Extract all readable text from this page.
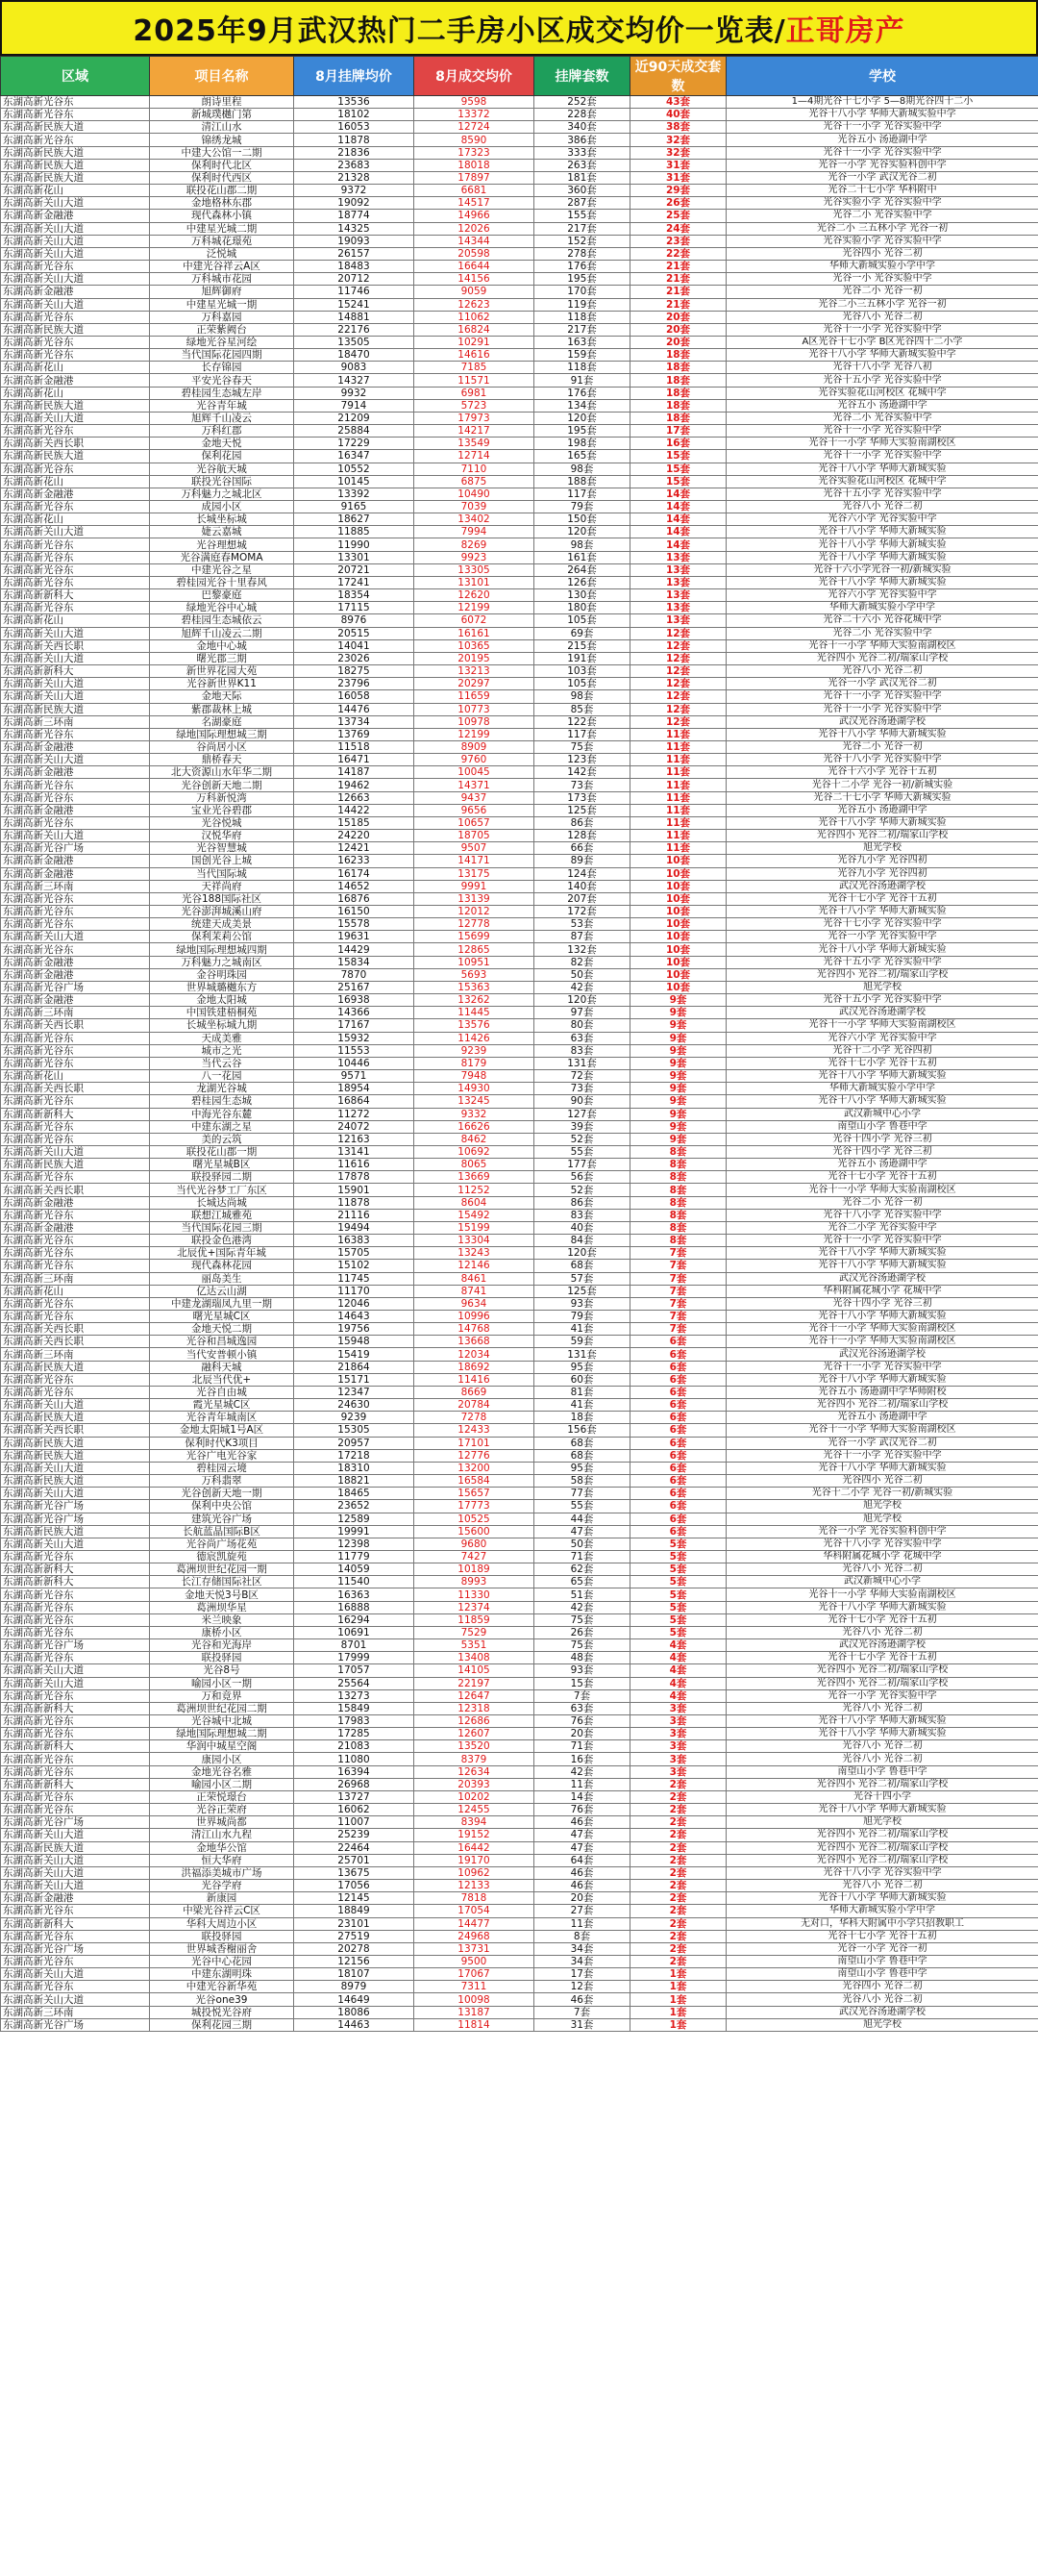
2025年9月武汉热门二手房小区成交均价一览表/ 正哥房产
区域	项目名称	8月挂牌均价	8月成交均价	挂牌套数	近90天成交套数	学校
东湖高新光谷东	朗诗里程	13536	9598	252套	43套	1—4期光谷十七小学 5—8期光谷四十二小
东湖高新光谷东	新城璞樾门第	18102	13372	228套	40套	光谷十八小学 华师大新城实验中学
东湖高新民族大道	清江山水	16053	12724	340套	38套	光谷十一小学 光谷实验中学
东湖高新光谷东	锦绣龙城	11878	8590	386套	32套	光谷五小 汤逊湖中学
东湖高新民族大道	中建大公馆一二期	21836	17323	333套	32套	光谷十一小学 光谷实验中学
东湖高新民族大道	保利时代北区	23683	18018	263套	31套	光谷一小学 光谷实验科创中学
东湖高新民族大道	保利时代西区	21328	17897	181套	31套	光谷一小学 武汉光谷二初
东湖高新花山	联投花山郡二期	9372	6681	360套	29套	光谷二十七小学 华科附中
东湖高新关山大道	金地格林东郡	19092	14517	287套	26套	光谷实验小学 光谷实验中学
东湖高新金融港	现代森林小镇	18774	14966	155套	25套	光谷二小 光谷实验中学
东湖高新关山大道	中建星光城二期	14325	12026	217套	24套	光谷二小 三五林小学 光谷一初
东湖高新关山大道	万科城花璟苑	19093	14344	152套	23套	光谷实验小学 光谷实验中学
东湖高新关山大道	泛悦城	26157	20598	278套	22套	光谷四小 光谷二初
东湖高新光谷东	中建光谷祥云A区	18483	16644	176套	21套	华师大新城实验小学中学
东湖高新关山大道	万科城市花园	20712	14156	195套	21套	光谷一小 光谷实验中学
东湖高新金融港	旭辉御府	11746	9059	170套	21套	光谷二小 光谷一初
东湖高新关山大道	中建星光城一期	15241	12623	119套	21套	光谷二小三五林小学 光谷一初
东湖高新光谷东	万科嘉园	14881	11062	118套	20套	光谷八小 光谷二初
东湖高新民族大道	正荣紫阙台	22176	16824	217套	20套	光谷十一小学 光谷实验中学
东湖高新光谷东	绿地光谷星河绘	13505	10291	163套	20套	A区光谷十七小学 B区光谷四十二小学
东湖高新光谷东	当代国际花园四期	18470	14616	159套	18套	光谷十八小学 华师大新城实验中学
东湖高新花山	长存锦园	9083	7185	118套	18套	光谷十八小学 光谷八初
东湖高新金融港	平安光谷春天	14327	11571	91套	18套	光谷十五小学 光谷实验中学
东湖高新花山	碧桂园生态城左岸	9932	6981	176套	18套	光谷实验花山河校区 花城中学
东湖高新民族大道	光谷青年城	7914	5723	134套	18套	光谷五小 汤逊湖中学
东湖高新关山大道	旭辉千山凌云	21209	17973	120套	18套	光谷二小 光谷实验中学
东湖高新光谷东	万科红郡	25884	14217	195套	17套	光谷十一小学 光谷实验中学
东湖高新关西长职	金地天悦	17229	13549	198套	16套	光谷十一小学 华师大实验南湖校区
东湖高新民族大道	保利花园	16347	12714	165套	15套	光谷十一小学 光谷实验中学
东湖高新光谷东	光谷航天城	10552	7110	98套	15套	光谷十八小学 华师大新城实验
东湖高新花山	联投光谷国际	10145	6875	188套	15套	光谷实验花山河校区 花城中学
东湖高新金融港	万科魅力之城北区	13392	10490	117套	14套	光谷十五小学 光谷实验中学
东湖高新光谷东	成园小区	9165	7039	79套	14套	光谷八小 光谷二初
东湖高新花山	长城坐标城	18627	13402	150套	14套	光谷六小学 光谷实验中学
东湖高新关山大道	婕云嘉城	11885	7994	120套	14套	光谷十八小学 华师大新城实验
东湖高新光谷东	光谷理想城	11990	8269	98套	14套	光谷十八小学 华师大新城实验
东湖高新光谷东	光谷满庭春MOMA	13301	9923	161套	13套	光谷十八小学 华师大新城实验
东湖高新光谷东	中建光谷之星	20721	13305	264套	13套	光谷十六小学光谷一初/新城实验
东湖高新光谷东	碧桂园光谷十里春风	17241	13101	126套	13套	光谷十八小学 华师大新城实验
东湖高新新科大	巴黎豪庭	18354	12620	130套	13套	光谷六小学 光谷实验中学
东湖高新光谷东	绿地光谷中心城	17115	12199	180套	13套	华师大新城实验小学中学
东湖高新花山	碧桂园生态城依云	8976	6072	105套	13套	光谷二十六小 光谷花城中学
东湖高新关山大道	旭辉千山凌云二期	20515	16161	69套	12套	光谷二小 光谷实验中学
东湖高新关西长职	金地中心城	14041	10365	215套	12套	光谷十一小学 华师大实验南湖校区
东湖高新关山大道	曙光郡三期	23026	20195	191套	12套	光谷四小 光谷二初/瑞家山学校
东湖高新新科大	新世界花园大苑	18275	13213	103套	12套	光谷八小 光谷二初
东湖高新关山大道	光谷新世界K11	23796	20297	105套	12套	光谷一小学 武汉光谷二初
东湖高新关山大道	金地天际	16058	11659	98套	12套	光谷十一小学 光谷实验中学
东湖高新民族大道	紫郡裁林上城	14476	10773	85套	12套	光谷十一小学 光谷实验中学
东湖高新三环南	名湖豪庭	13734	10978	122套	12套	武汉光谷汤逊湖学校
东湖高新光谷东	绿地国际理想城三期	13769	12199	117套	11套	光谷十八小学 华师大新城实验
东湖高新金融港	谷尚居小区	11518	8909	75套	11套	光谷二小 光谷一初
东湖高新关山大道	鼎桥春天	16471	9760	123套	11套	光谷十八小学 光谷实验中学
东湖高新金融港	北大资源山水年华二期	14187	10045	142套	11套	光谷十六小学 光谷十五初
东湖高新光谷东	光谷创新天地二期	19462	14371	73套	11套	光谷十二小学 光谷一初/新城实验
东湖高新光谷东	万科新悦湾	12663	9437	173套	11套	光谷二十七小学 华师大新城实验
东湖高新金融港	宝业光谷碧郡	14422	9656	125套	11套	光谷五小 汤逊湖中学
东湖高新光谷东	光谷悦城	15185	10657	86套	11套	光谷十八小学 华师大新城实验
东湖高新关山大道	汉悦华府	24220	18705	128套	11套	光谷四小 光谷二初/瑞家山学校
东湖高新光谷广场	光谷智慧城	12421	9507	66套	11套	旭光学校
东湖高新金融港	国创光谷上城	16233	14171	89套	10套	光谷九小学 光谷四初
东湖高新金融港	当代国际城	16174	13175	124套	10套	光谷九小学 光谷四初
东湖高新三环南	天祥尚府	14652	9991	140套	10套	武汉光谷汤逊湖学校
东湖高新光谷东	光谷188国际社区	16876	13139	207套	10套	光谷十七小学 光谷十五初
东湖高新光谷东	光谷澎湃城溪山府	16150	12012	172套	10套	光谷十八小学 华师大新城实验
东湖高新光谷东	统建天成美景	15578	12778	53套	10套	光谷十七小学 光谷实验中学
东湖高新关山大道	保利茉莉公馆	19631	15699	87套	10套	光谷一小学 光谷实验中学
东湖高新光谷东	绿地国际理想城四期	14429	12865	132套	10套	光谷十八小学 华师大新城实验
东湖高新金融港	万科魅力之城南区	15834	10951	82套	10套	光谷十五小学 光谷实验中学
东湖高新金融港	金谷明珠园	7870	5693	50套	10套	光谷四小 光谷二初/瑞家山学校
东湖高新光谷广场	世界城璐樾东方	25167	15363	42套	10套	旭光学校
东湖高新金融港	金地太阳城	16938	13262	120套	9套	光谷十五小学 光谷实验中学
东湖高新三环南	中国铁建梧桐苑	14366	11445	97套	9套	武汉光谷汤逊湖学校
东湖高新关西长职	长城坐标城九期	17167	13576	80套	9套	光谷十一小学 华师大实验南湖校区
东湖高新光谷东	天成美雅	15932	11426	63套	9套	光谷六小学 光谷实验中学
东湖高新光谷东	城市之光	11553	9239	83套	9套	光谷十二小学 光谷四初
东湖高新光谷东	当代云谷	10446	8179	131套	9套	光谷十七小学 光谷十五初
东湖高新花山	八一花园	9571	7948	72套	9套	光谷十八小学 华师大新城实验
东湖高新关西长职	龙湖光谷城	18954	14930	73套	9套	华师大新城实验小学中学
东湖高新光谷东	碧桂园生态城	16864	13245	90套	9套	光谷十八小学 华师大新城实验
东湖高新新科大	中海光谷东麓	11272	9332	127套	9套	武汉新城中心小学
东湖高新光谷东	中建东湖之星	24072	16626	39套	9套	南望山小学 鲁巷中学
东湖高新光谷东	美的云筑	12163	8462	52套	9套	光谷十四小学 光谷三初
东湖高新关山大道	联投花山郡一期	13141	10692	55套	8套	光谷十四小学 光谷三初
东湖高新民族大道	曙光星城B区	11616	8065	177套	8套	光谷五小 汤逊湖中学
东湖高新光谷东	联投驿园二期	17878	13669	56套	8套	光谷十七小学 光谷十五初
东湖高新关西长职	当代光谷梦工厂东区	15901	11252	52套	8套	光谷十一小学 华师大实验南湖校区
东湖高新金融港	长城达尚城	11878	8604	86套	8套	光谷二小 光谷一初
东湖高新光谷东	联想江城雅苑	21116	15492	83套	8套	光谷十八小学 光谷实验中学
东湖高新金融港	当代国际花园三期	19494	15199	40套	8套	光谷二小学 光谷实验中学
东湖高新光谷东	联投金色港湾	16383	13304	84套	8套	光谷十一小学 光谷实验中学
东湖高新光谷东	北辰优+国际青年城	15705	13243	120套	7套	光谷十八小学 华师大新城实验
东湖高新光谷东	现代森林花园	15102	12146	68套	7套	光谷十八小学 华师大新城实验
东湖高新三环南	丽岛美生	11745	8461	57套	7套	武汉光谷汤逊湖学校
东湖高新花山	亿达云山湖	11170	8741	125套	7套	华科附属花城小学 花城中学
东湖高新光谷东	中建龙湖瑞凤九里一期	12046	9634	93套	7套	光谷十四小学 光谷三初
东湖高新光谷东	曙光星城C区	14643	10996	79套	7套	光谷十八小学 华师大新城实验
东湖高新关西长职	金地天悦二期	19756	14768	41套	7套	光谷十一小学 华师大实验南湖校区
东湖高新关西长职	光谷和昌城逸园	15948	13668	59套	6套	光谷十一小学 华师大实验南湖校区
东湖高新三环南	当代安普顿小镇	15419	12034	131套	6套	武汉光谷汤逊湖学校
东湖高新民族大道	融科天城	21864	18692	95套	6套	光谷十一小学 光谷实验中学
东湖高新光谷东	北辰当代优+	15171	11416	60套	6套	光谷十八小学 华师大新城实验
东湖高新光谷东	光谷自由城	12347	8669	81套	6套	光谷五小 汤逊湖中学华师附校
东湖高新关山大道	霞光星城C区	24630	20784	41套	6套	光谷四小 光谷二初/瑞家山学校
东湖高新民族大道	光谷青年城南区	9239	7278	18套	6套	光谷五小 汤逊湖中学
东湖高新关西长职	金地太阳城1号A区	15305	12433	156套	6套	光谷十一小学 华师大实验南湖校区
东湖高新民族大道	保利时代K3项目	20957	17101	68套	6套	光谷一小学 武汉光谷二初
东湖高新民族大道	光谷广电光谷家	17218	12776	68套	6套	光谷十一小学 光谷实验中学
东湖高新关山大道	碧桂园云境	18310	13200	95套	6套	光谷十八小学 华师大新城实验
东湖高新民族大道	万科翡翠	18821	16584	58套	6套	光谷四小 光谷二初
东湖高新关山大道	光谷创新天地一期	18465	15657	77套	6套	光谷十二小学 光谷一初/新城实验
东湖高新光谷广场	保利中央公馆	23652	17773	55套	6套	旭光学校
东湖高新光谷广场	建筑光谷广场	12589	10525	44套	6套	旭光学校
东湖高新民族大道	长航蓝晶国际B区	19991	15600	47套	6套	光谷一小学 光谷实验科创中学
东湖高新关山大道	光谷尚广场花苑	12398	9680	50套	5套	光谷十八小学 光谷实验中学
东湖高新光谷东	德宸凯旋苑	11779	7427	71套	5套	华科附属花城小学 花城中学
东湖高新新科大	葛洲坝世纪花园一期	14059	10189	62套	5套	光谷八小 光谷二初
东湖高新新科大	长江存储国际社区	11540	8993	65套	5套	武汉新城中心小学
东湖高新光谷东	金地天悦3号B区	16363	11330	51套	5套	光谷十一小学 华师大实验南湖校区
东湖高新光谷东	葛洲坝华星	16888	12374	42套	5套	光谷十八小学 华师大新城实验
东湖高新光谷东	米兰映象	16294	11859	75套	5套	光谷十七小学 光谷十五初
东湖高新光谷东	康桥小区	10691	7529	26套	5套	光谷八小 光谷二初
东湖高新光谷广场	光谷和光海岸	8701	5351	75套	4套	武汉光谷汤逊湖学校
东湖高新光谷东	联投驿园	17999	13408	48套	4套	光谷十七小学 光谷十五初
东湖高新关山大道	光谷8号	17057	14105	93套	4套	光谷四小 光谷二初/瑞家山学校
东湖高新关山大道	喻园小区一期	25564	22197	15套	4套	光谷四小 光谷二初/瑞家山学校
东湖高新光谷东	万和竟界	13273	12647	7套	4套	光谷一小学 光谷实验中学
东湖高新新科大	葛洲坝世纪花园二期	15849	12318	63套	3套	光谷八小 光谷二初
东湖高新光谷东	光谷城中北城	17983	12686	76套	3套	光谷十八小学 华师大新城实验
东湖高新光谷东	绿地国际理想城二期	17285	12607	20套	3套	光谷十八小学 华师大新城实验
东湖高新新科大	华润中城星空阁	21083	13520	71套	3套	光谷八小 光谷二初
东湖高新光谷东	康园小区	11080	8379	16套	3套	光谷八小 光谷二初
东湖高新光谷东	金地光谷名雅	16394	12634	42套	3套	南望山小学 鲁巷中学
东湖高新新科大	喻园小区二期	26968	20393	11套	2套	光谷四小 光谷二初/瑞家山学校
东湖高新光谷东	正荣悦璟台	13727	10202	14套	2套	光谷十四小学
东湖高新光谷东	光谷正荣府	16062	12455	76套	2套	光谷十八小学 华师大新城实验
东湖高新光谷广场	世界城尚都	11007	8394	46套	2套	旭光学校
东湖高新关山大道	清江山水九程	25239	19152	47套	2套	光谷四小 光谷二初/瑞家山学校
东湖高新民族大道	金地华公馆	22464	16442	47套	2套	光谷四小 光谷二初/瑞家山学校
东湖高新关山大道	恒大华府	25701	19170	64套	2套	光谷四小 光谷二初/瑞家山学校
东湖高新关山大道	洪福添美城市广场	13675	10962	46套	2套	光谷十八小学 光谷实验中学
东湖高新关山大道	光谷学府	17056	12133	46套	2套	光谷八小 光谷二初
东湖高新金融港	新康园	12145	7818	20套	2套	光谷十八小学 华师大新城实验
东湖高新光谷东	中梁光谷祥云C区	18849	17054	27套	2套	华师大新城实验小学中学
东湖高新新科大	华科大周边小区	23101	14477	11套	2套	无对口，华科大附属中小学只招教职工
东湖高新光谷东	联投驿园	27519	24968	8套	2套	光谷十七小学 光谷十五初
东湖高新光谷广场	世界城香榭丽舍	20278	13731	34套	2套	光谷一小学 光谷一初
东湖高新光谷东	光谷中心花园	12156	9500	34套	2套	南望山小学 鲁巷中学
东湖高新关山大道	中建东湖明珠	18107	17067	17套	1套	南望山小学 鲁巷中学
东湖高新光谷东	中建光谷新华苑	8979	7311	12套	1套	光谷四小 光谷二初
东湖高新关山大道	光谷one39	14649	10098	46套	1套	光谷八小 光谷二初
东湖高新三环南	城投悦光谷府	18086	13187	7套	1套	武汉光谷汤逊湖学校
东湖高新光谷广场	保利花园三期	14463	11814	31套	1套	旭光学校
